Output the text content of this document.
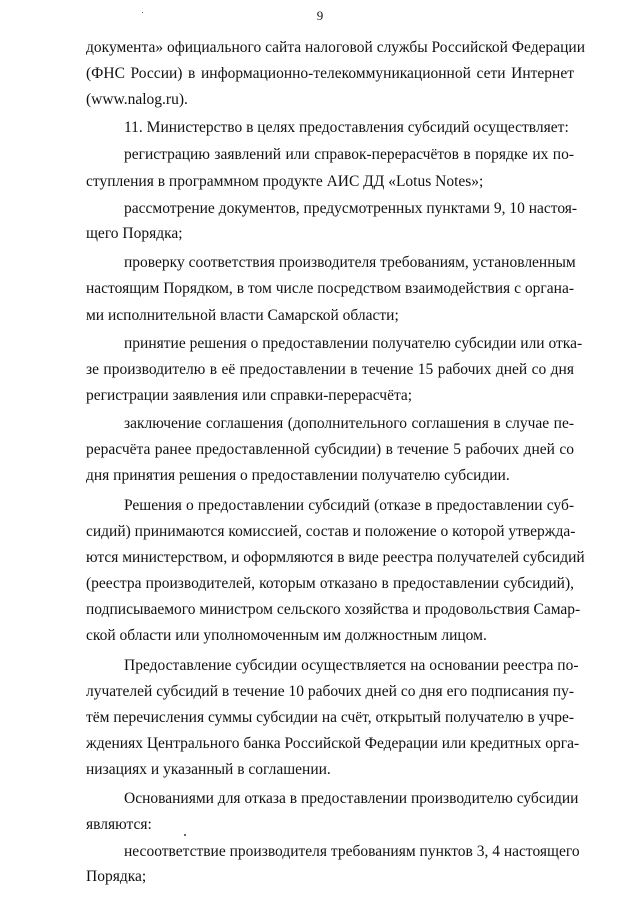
9
документа» официального сайта налоговой службы Российской Федерации
(ФНС России) в информационно-телекоммуникационной сети Интернет
(www.nalog.ru).
11. Министерство в целях предоставления субсидий осуществляет:
регистрацию заявлений или справок-перерасчётов в порядке их по-
ступления в программном продукте АИС ДД «Lotus Notes»;
рассмотрение документов, предусмотренных пунктами 9, 10 настоя-
щего Порядка;
проверку соответствия производителя требованиям, установленным
настоящим Порядком, в том числе посредством взаимодействия с органа-
ми исполнительной власти Самарской области;
принятие решения о предоставлении получателю субсидии или отка-
зе производителю в её предоставлении в течение 15 рабочих дней со дня
регистрации заявления или справки-перерасчёта;
заключение соглашения (дополнительного соглашения в случае пе-
рерасчёта ранее предоставленной субсидии) в течение 5 рабочих дней со
дня принятия решения о предоставлении получателю субсидии.
Решения о предоставлении субсидий (отказе в предоставлении суб-
сидий) принимаются комиссией, состав и положение о которой утвержда-
ются министерством, и оформляются в виде реестра получателей субсидий
(реестра производителей, которым отказано в предоставлении субсидий),
подписываемого министром сельского хозяйства и продовольствия Самар-
ской области или уполномоченным им должностным лицом.
Предоставление субсидии осуществляется на основании реестра по-
лучателей субсидий в течение 10 рабочих дней со дня его подписания пу-
тём перечисления суммы субсидии на счёт, открытый получателю в учре-
ждениях Центрального банка Российской Федерации или кредитных орга-
низациях и указанный в соглашении.
Основаниями для отказа в предоставлении производителю субсидии
являются:
несоответствие производителя требованиям пунктов 3, 4 настоящего
Порядка;
